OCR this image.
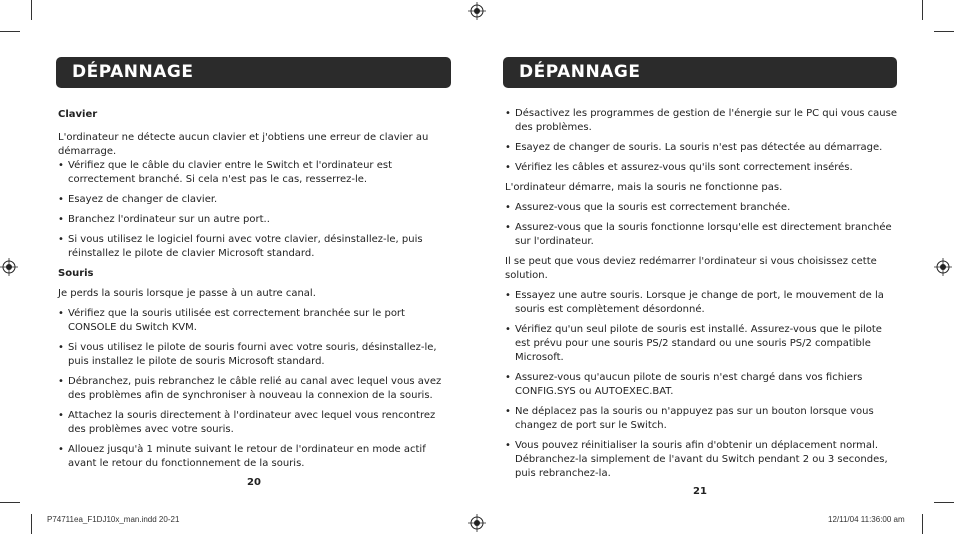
DÉPANNAGE
Clavier
L'ordinateur ne détecte aucun clavier et j'obtiens une erreur de clavier au démarrage.
• Vérifiez que le câble du clavier entre le Switch et l'ordinateur est correctement branché. Si cela n'est pas le cas, resserrez-le.
• Esayez de changer de clavier.
• Branchez l'ordinateur sur un autre port..
• Si vous utilisez le logiciel fourni avec votre clavier, désinstallez-le, puis réinstallez le pilote de clavier Microsoft standard.
Souris
Je perds la souris lorsque je passe à un autre canal.
• Vérifiez que la souris utilisée est correctement branchée sur le port CONSOLE du Switch KVM.
• Si vous utilisez le pilote de souris fourni avec votre souris, désinstallez-le, puis installez le pilote de souris Microsoft standard.
• Débranchez, puis rebranchez le câble relié au canal avec lequel vous avez des problèmes afin de synchroniser à nouveau la connexion de la souris.
• Attachez la souris directement à l'ordinateur avec lequel vous rencontrez des problèmes avec votre souris.
• Allouez jusqu'à 1 minute suivant le retour de l'ordinateur en mode actif avant le retour du fonctionnement de la souris.
20
DÉPANNAGE
• Désactivez les programmes de gestion de l'énergie sur le PC qui vous cause des problèmes.
• Esayez de changer de souris. La souris n'est pas détectée au démarrage.
• Vérifiez les câbles et assurez-vous qu'ils sont correctement insérés.
L'ordinateur démarre, mais la souris ne fonctionne pas.
• Assurez-vous que la souris est correctement branchée.
• Assurez-vous que la souris fonctionne lorsqu'elle est directement branchée sur l'ordinateur.
Il se peut que vous deviez redémarrer l'ordinateur si vous choisissez cette solution.
• Essayez une autre souris. Lorsque je change de port, le mouvement de la souris est complètement désordonné.
• Vérifiez qu'un seul pilote de souris est installé. Assurez-vous que le pilote est prévu pour une souris PS/2 standard ou une souris PS/2 compatible Microsoft.
• Assurez-vous qu'aucun pilote de souris n'est chargé dans vos fichiers CONFIG.SYS ou AUTOEXEC.BAT.
• Ne déplacez pas la souris ou n'appuyez pas sur un bouton lorsque vous changez de port sur le Switch.
• Vous pouvez réinitialiser la souris afin d'obtenir un déplacement normal. Débranchez-la simplement de l'avant du Switch pendant 2 ou 3 secondes, puis rebranchez-la.
21
P74711ea_F1DJ10x_man.indd 20-21	12/11/04 11:36:00 am
